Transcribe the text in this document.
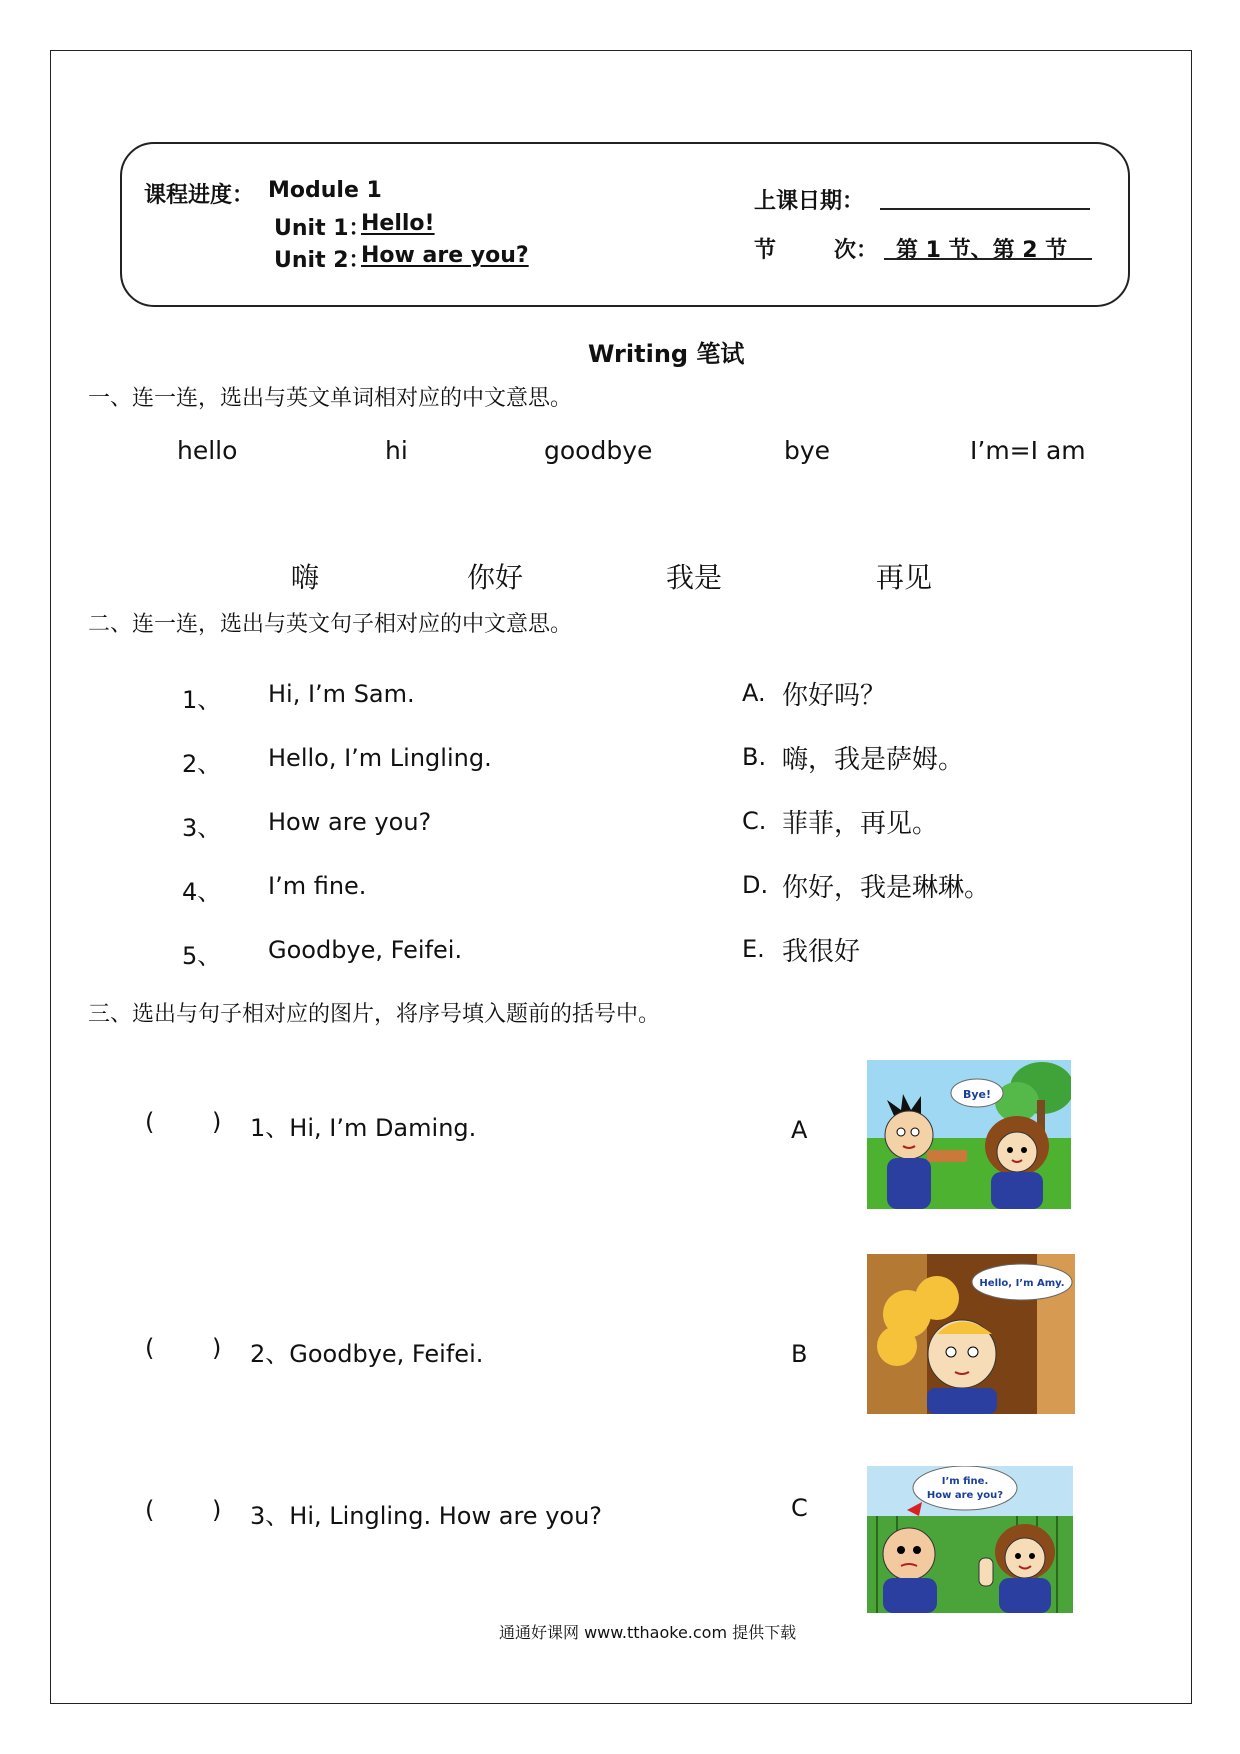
课程进度： Module 1
Unit 1：
Hello!
Unit 2：
How are you?
上课日期：
节	次： 第 1 节、第 2 节
Writing 笔试
一、连一连，选出与英文单词相对应的中文意思。
hello	hi	goodbye	bye	I’m=I am
嗨	你好	我是	再见
二、连一连，选出与英文句子相对应的中文意思。
1、 Hi, I’m Sam.
2、 Hello, I’m Lingling.
3、 How are you?
4、 I’m fine.
5、 Goodbye, Feifei.
A. 你好吗？
B. 嗨，我是萨姆。
C. 菲菲，再见。
D. 你好，我是琳琳。
E. 我很好
三、选出与句子相对应的图片，将序号填入题前的括号中。
( ) 1、Hi, I’m Daming.	A
Bye!
( ) 2、Goodbye, Feifei.	B
Hello, I’m Amy.
( ) 3、Hi, Lingling. How are you?	C
I’m fine.
How are you?
通通好课网 www.tthaoke.com 提供下载
